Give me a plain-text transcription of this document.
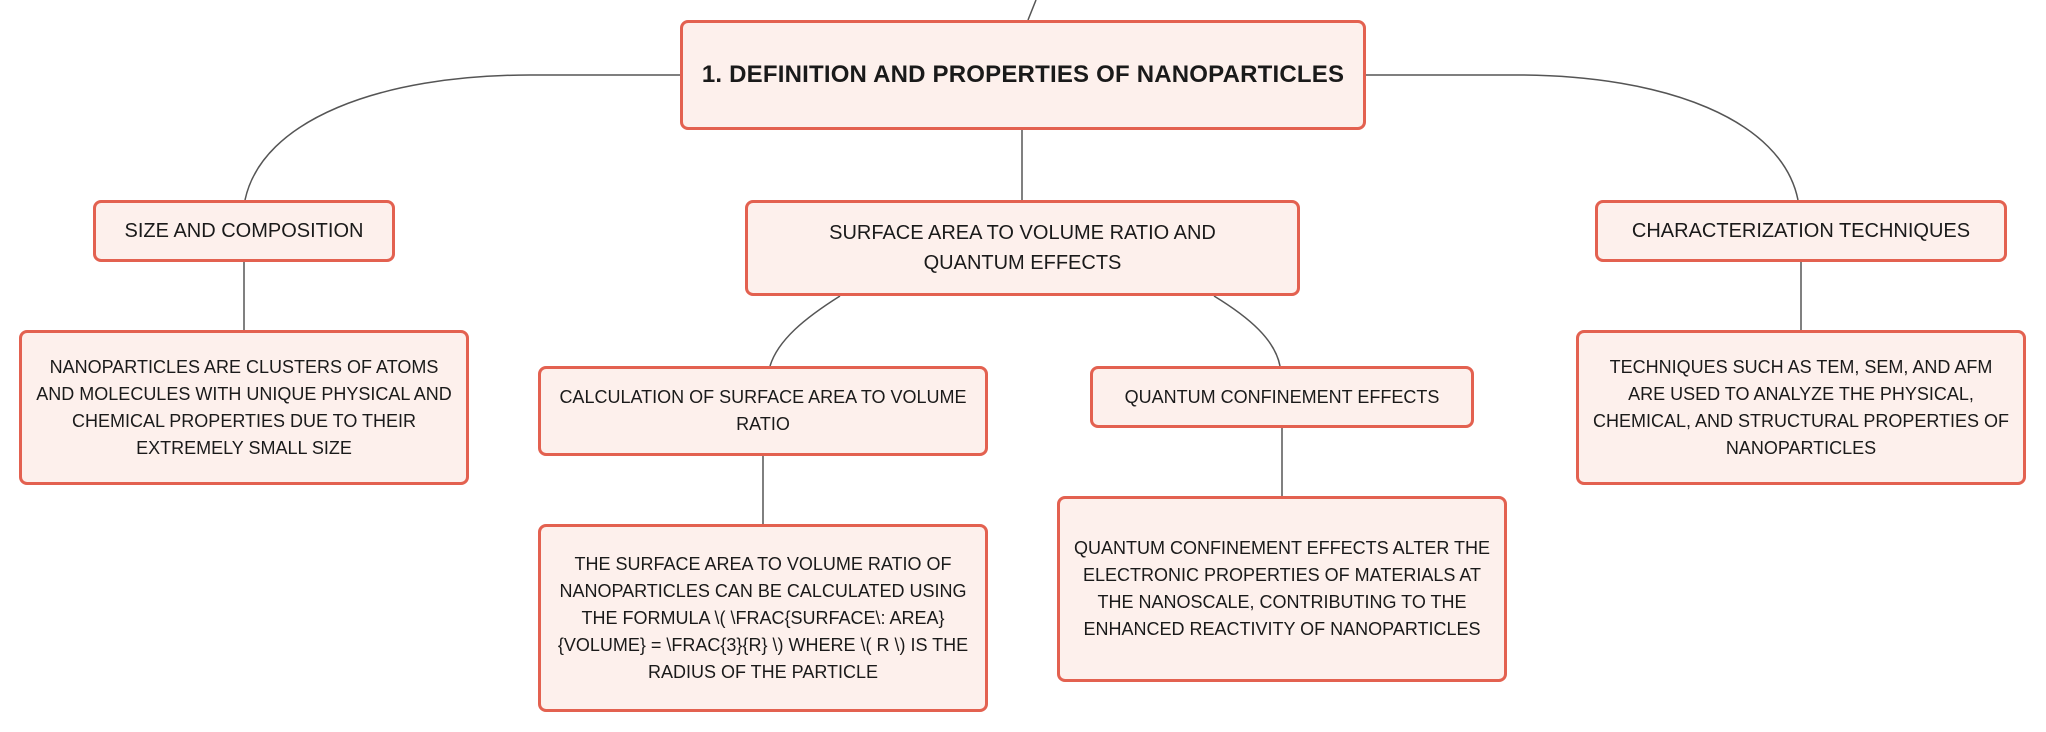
1. DEFINITION AND PROPERTIES OF NANOPARTICLES
SIZE AND COMPOSITION	SURFACE AREA TO VOLUME RATIO AND QUANTUM EFFECTS
CHARACTERIZATION TECHNIQUES
NANOPARTICLES ARE CLUSTERS OF ATOMS AND MOLECULES WITH UNIQUE PHYSICAL AND CHEMICAL PROPERTIES DUE TO THEIR EXTREMELY SMALL SIZE
CALCULATION OF SURFACE AREA TO VOLUME RATIO
QUANTUM CONFINEMENT EFFECTS
TECHNIQUES SUCH AS TEM, SEM, AND AFM ARE USED TO ANALYZE THE PHYSICAL, CHEMICAL, AND STRUCTURAL PROPERTIES OF NANOPARTICLES
THE SURFACE AREA TO VOLUME RATIO OF NANOPARTICLES CAN BE CALCULATED USING THE FORMULA \( \FRAC{SURFACE\: AREA}{VOLUME} = \FRAC{3}{R} \) WHERE \( R \) IS THE RADIUS OF THE PARTICLE
QUANTUM CONFINEMENT EFFECTS ALTER THE ELECTRONIC PROPERTIES OF MATERIALS AT THE NANOSCALE, CONTRIBUTING TO THE ENHANCED REACTIVITY OF NANOPARTICLES
